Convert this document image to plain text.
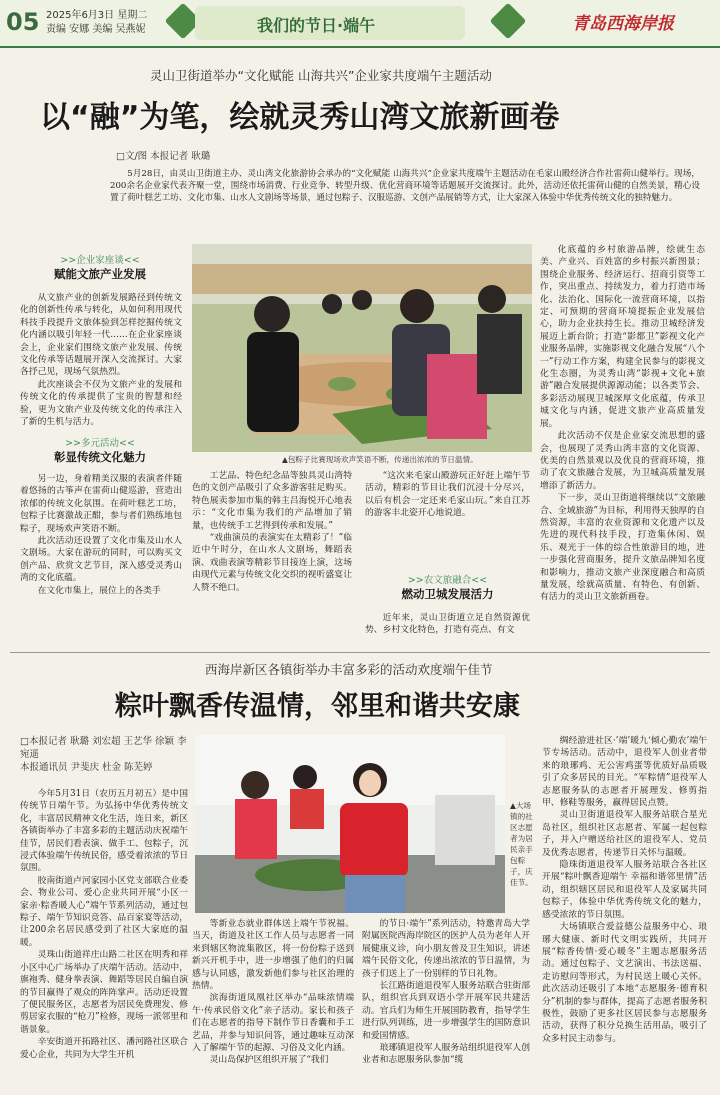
05 2025年6月3日 星期二
责编 安娜 美编 吴燕妮	我们的节日·端午	青岛西海岸报
灵山卫街道举办“文化赋能 山海共兴”企业家共度端午主题活动
以“融”为笔，绘就灵秀山湾文旅新画卷
□文/图 本报记者 耿璐
5月28日，由灵山卫街道主办、灵山湾文化旅游协会承办的“文化赋能 山海共兴”企业家共度端午主题活动在毛家山殿经济合作社雷荷山健举行。现场，200余名企业家代表齐聚一堂，围绕市场消费、行业竞争、转型升级、优化营商环境等话题展开交流探讨。此外，活动还依托雷荷山健的自然美景，精心设置了荷叶糕艺工坊、文化市集、山水人文剧场等场景，通过包粽子、汉服巡游、文创产品展销等方式，让大家深入体验中华优秀传统文化的独特魅力。
>>企业家座谈<<
赋能文旅产业发展

从文旅产业的创新发展路径到传统文化的创新性传承与转化，从如何利用现代科技手段提升文旅体验到怎样挖掘传统文化内涵以吸引年轻一代……在企业家座谈会上，企业家们围绕文旅产业发展、传统文化传承等话题展开深入交流探讨。大家各抒己见，现场气氛热烈。

此次座谈会不仅为文旅产业的发展和传统文化的传承提供了宝贵的智慧和经验，更为文旅产业及传统文化的传承注入了新的生机与活力。

>>多元活动<<
彰显传统文化魅力

另一边，身着精美汉服的表演者伴随着悠扬的古筝声在雷荷山健巡游，营造出浓郁的传统文化氛围。在荷叶糕艺工坊，包粽子比赛激战正酣，参与者们熟练地包粽子，现场欢声笑语不断。

此次活动还设置了文化市集及山水人文剧场。大家在游玩的同时，可以购买文创产品、欣赏文艺节目，深入感受灵秀山湾的文化底蕴。

在文化市集上，展位上的各类手

▲包粽子比赛现场欢声笑语不断，传递出浓浓的节日温情。

工艺品、特色纪念品等独具灵山湾特色的文创产品吸引了众多游客驻足购买。特色展卖参加市集的韩主吕海悦开心地表示：“文化市集为我们的产品增加了销量，也传统手工艺得到传承和发展。”

“戏曲演员的表演实在太精彩了！”临近中午时分，在山水人文剧场，舞蹈表演、戏曲表演等精彩节目接连上演，这场由现代元素与传统文化交织的视听盛宴让人赞不绝口。

“这次来毛家山殿游玩正好赶上端午节活动，精彩的节目让我们沉浸十分尽兴，以后有机会一定还来毛家山玩。”来自江苏的游客丰北姿开心地说道。

>>农文旅融合<<
燃动卫城发展活力

近年来，灵山卫街道立足自然资源优势、乡村文化特色，打造有亮点、有文

化底蕴的乡村旅游品牌，绘就生态美、产业兴、百姓富的乡村振兴新图景；围绕企业服务、经济运行、招商引资等工作，突出重点、持续发力，着力打造市场化、法治化、国际化一流营商环境，以指定、可预期的营商环境提振企业发展信心，助力企业扶持生长。推动卫城经济发展迈上新台阶；打造“影都卫”影视文化产业服务品牌，实施影视文化融合发展“八个一”行动工作方案，构建全民参与的影视文化生态圈，为灵秀山湾“影视+文化+旅游”融合发展提供源源动能；以各类节会、多彩活动展现卫城深厚文化底蕴，传承卫城文化与内涵，促进文旅产业高质量发展。

此次活动不仅是企业家交流思想的盛会，也展现了灵秀山湾丰富的文化资源、优美的自然景观以及优良的营商环境，推动了农文旅融合发展，为卫城高质量发展增添了新活力。

下一步，灵山卫街道将继续以“文旅融合、全域旅游”为目标，利用得天独厚的自然资源，丰富的农业资源和文化遗产以及先进的现代科技手段，打造集休闲、娱乐、观光于一体的综合性旅游目的地，进一步强化营商服务，提升文旅品牌知名度和影响力，推动文旅产业深度融合和高质量发展，绘就高质量、有特色、有创新、有活力的灵山卫文旅新画卷。

西海岸新区各镇街举办丰富多彩的活动欢度端午佳节
粽叶飘香传温情，邻里和谐共安康
□本报记者 耿璐 刘宏超 王艺华 徐颖 李宛遥
本报通讯员 尹斐庆 杜金 陈芜婷

今年5月31日（农历五月初五）是中国传统节日端午节。为弘扬中华优秀传统文化，丰富居民精神文化生活，连日来，新区各镇街举办了丰富多彩的主题活动庆祝端午佳节，居民们看表演、做手工、包粽子，沉浸式体验端午传统民俗，感受着浓浓的节日氛围。

胶南街道卢河家园小区党支部联合业委会、物业公司、爱心企业共同开展“小区一家亲·粽香暖人心”端午节系列活动，通过包粽子、端午节知识竞答、品百家宴等活动，让200余名居民感受到了社区大家庭的温暖。

灵珠山街道祥庄山路二社区在明秀和祥小区中心广场举办了庆端午活动。活动中，旗袍秀、健身拳表演、舞蹈等居民自编自演的节目赢得了观众的阵阵掌声。活动还设置了便民服务区，志愿者为居民免费理发、修剪居家衣服的“枪刀”检修，现场一派邻里和谐景象。

辛安街道开拓路社区、潘河路社区联合爱心企业，共同为大学生开机

▲大场镇的社区志愿者为居民亲手包粽子，庆佳节。

等新业态就业群体送上端午节祝福。当天，街道及社区工作人员与志愿者一同来到辖区物流集散区，将一份份粽子送到新兴开机手中，进一步增强了他们的归属感与认同感，激发新他们参与社区治理的热情。

滨海街道凤凰社区举办“品味浓情端午·传承民俗文化”亲子活动。家长和孩子们在志愿者的指导下制作节日香囊和手工艺品，并参与知识问答，通过趣味互动深入了解端午节的起源、习俗及文化内涵。

灵山岛保护区组织开展了“我们

的节日·端午”系列活动，特邀青岛大学附属医院西海岸院区的医护人员为老年人开展健康义诊，向小朋友普及卫生知识，讲述端午民俗文化，传递出浓浓的节日温情，为孩子们送上了一份别样的节日礼物。

长江路街道退役军人服务站联合驻街部队，组织官兵到双语小学开展军民共建活动。官兵们为师生开展国防教育，指导学生进行队列训练，进一步增强学生的国防意识和爱国情感。

琅琊镇退役军人服务站组织退役军人创业者和志愿服务队参加“缆

绸经游进社区·’端’暖九‘倾心勤农’端午节专场活动。活动中，退役军人创业者带来的琅琊鸡、无公害鸡蛋等优质好品质吸引了众多居民的目光。“军粽情”退役军人志愿服务队的志愿者开展理发、修剪指甲、修鞋等服务，赢得居民点赞。

灵山卫街道退役军人服务站联合星光岛社区，组织社区志愿者、军属一起包粽子，并入户赠送给社区的退役军人、党员及优秀志愿者，传递节日关怀与温暖。

隐珠街道退役军人服务站联合各社区开展“粽叶飘香迎端午 幸福和谐邻里情”活动，组织辖区居民和退役军人及家属共同包粽子，体验中华优秀传统文化的魅力，感受浓浓的节日氛围。

大场镇联合爱益德公益服务中心、琅琊大健康、新时代文明实践所，共同开展“粽香传情·爱心暖冬”主题志愿服务活动。通过包粽子、文艺演出、书法送福、走访慰问等形式，为村民送上暖心关怀。此次活动还吸引了本地“志愿服务·德育积分”机制的参与群体，提高了志愿者服务积极性，鼓励了更多社区居民参与志愿服务活动，获得了积分兑换生活用品，吸引了众多村民主动参与。
